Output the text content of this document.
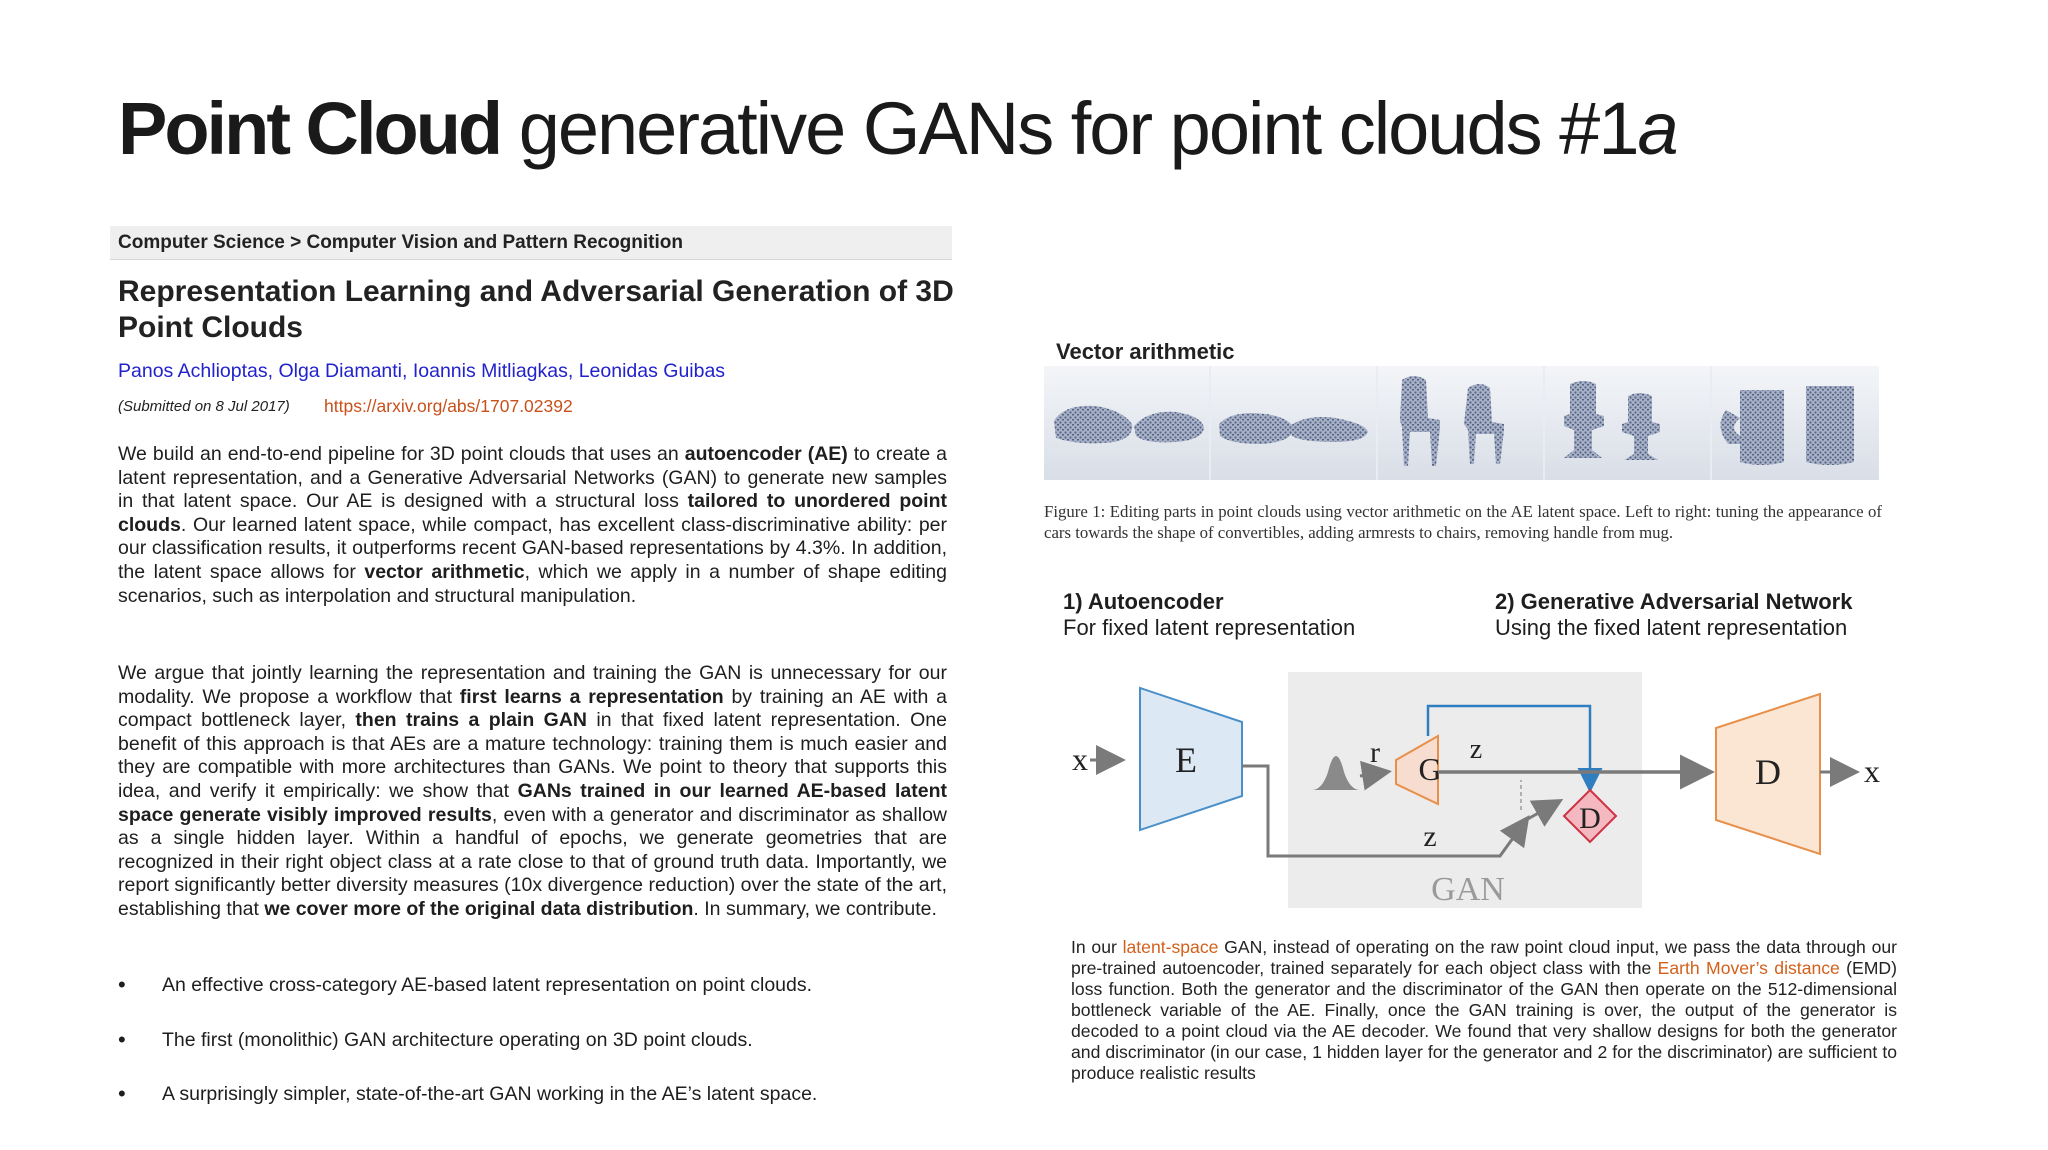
Point Cloud generative GANs for point clouds #1a
Computer Science > Computer Vision and Pattern Recognition
Representation Learning and Adversarial Generation of 3D Point Clouds
Panos Achlioptas, Olga Diamanti, Ioannis Mitliagkas, Leonidas Guibas
(Submitted on 8 Jul 2017) https://arxiv.org/abs/1707.02392
We build an end-to-end pipeline for 3D point clouds that uses an autoencoder (AE) to create a latent representation, and a Generative Adversarial Networks (GAN) to generate new samples in that latent space. Our AE is designed with a structural loss tailored to unordered point clouds. Our learned latent space, while compact, has excellent class-discriminative ability: per our classification results, it outperforms recent GAN-based representations by 4.3%. In addition, the latent space allows for vector arithmetic, which we apply in a number of shape editing scenarios, such as interpolation and structural manipulation.
We argue that jointly learning the representation and training the GAN is unnecessary for our modality. We propose a workflow that first learns a representation by training an AE with a compact bottleneck layer, then trains a plain GAN in that fixed latent representation. One benefit of this approach is that AEs are a mature technology: training them is much easier and they are compatible with more architectures than GANs. We point to theory that supports this idea, and verify it empirically: we show that GANs trained in our learned AE-based latent space generate visibly improved results, even with a generator and discriminator as shallow as a single hidden layer. Within a handful of epochs, we generate geometries that are recognized in their right object class at a rate close to that of ground truth data. Importantly, we report significantly better diversity measures (10x divergence reduction) over the state of the art, establishing that we cover more of the original data distribution. In summary, we contribute.
• An effective cross-category AE-based latent representation on point clouds.
• The first (monolithic) GAN architecture operating on 3D point clouds.
• A surprisingly simpler, state-of-the-art GAN working in the AE’s latent space.
Vector arithmetic
Figure 1: Editing parts in point clouds using vector arithmetic on the AE latent space. Left to right: tuning the appearance of cars towards the shape of convertibles, adding armrests to chairs, removing handle from mug.
1) Autoencoder
For fixed latent representation
2) Generative Adversarial Network
Using the fixed latent representation
GAN
x E
z
r G
z
D
D	x
In our latent-space GAN, instead of operating on the raw point cloud input, we pass the data through our pre-trained autoencoder, trained separately for each object class with the Earth Mover’s distance (EMD) loss function. Both the generator and the discriminator of the GAN then operate on the 512-dimensional bottleneck variable of the AE. Finally, once the GAN training is over, the output of the generator is decoded to a point cloud via the AE decoder. We found that very shallow designs for both the generator and discriminator (in our case, 1 hidden layer for the generator and 2 for the discriminator) are sufficient to produce realistic results
